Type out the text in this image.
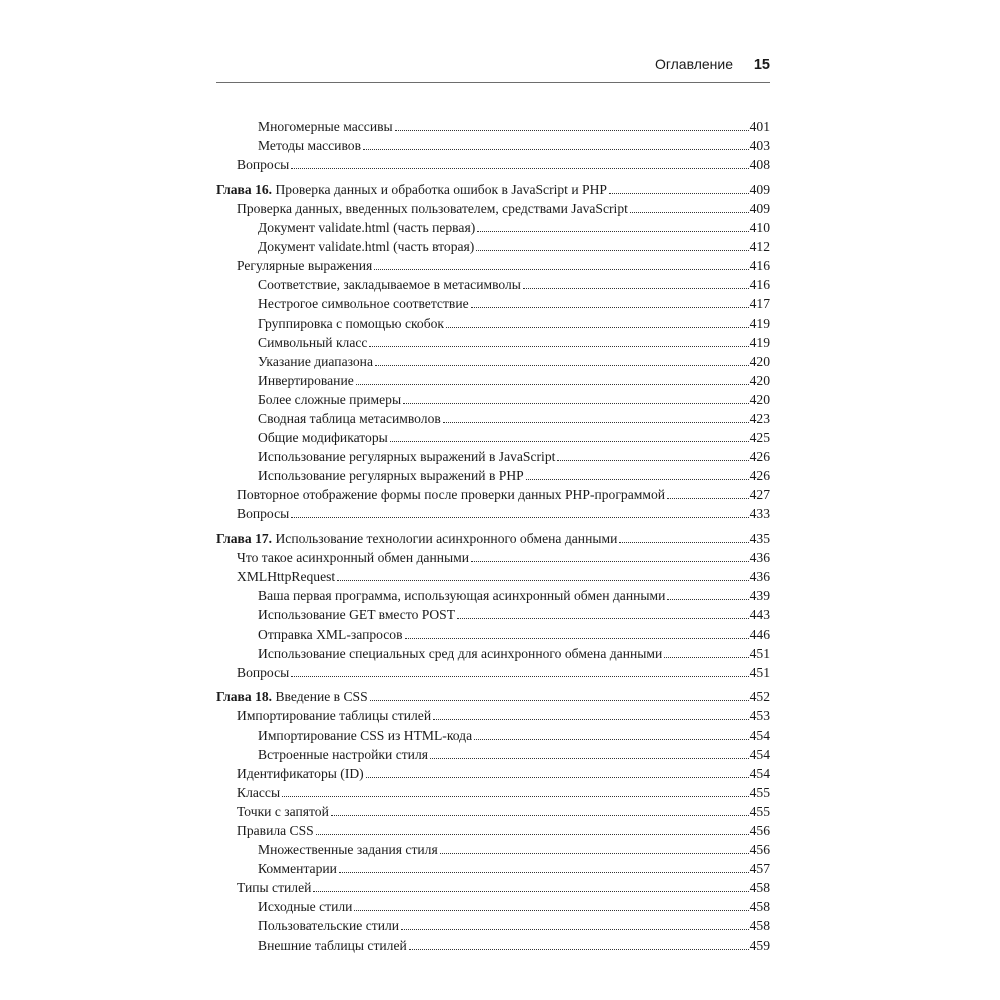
Оглавление 15
Многомерные массивы	401
Методы массивов	403
Вопросы	408
Глава 16. Проверка данных и обработка ошибок в JavaScript и PHP	409
Проверка данных, введенных пользователем, средствами JavaScript	409
Документ validate.html (часть первая)	410
Документ validate.html (часть вторая)	412
Регулярные выражения	416
Соответствие, закладываемое в метасимволы	416
Нестрогое символьное соответствие	417
Группировка с помощью скобок	419
Символьный класс	419
Указание диапазона	420
Инвертирование	420
Более сложные примеры	420
Сводная таблица метасимволов	423
Общие модификаторы	425
Использование регулярных выражений в JavaScript	426
Использование регулярных выражений в PHP	426
Повторное отображение формы после проверки данных PHP-программой	427
Вопросы	433
Глава 17. Использование технологии асинхронного обмена данными	435
Что такое асинхронный обмен данными	436
XMLHttpRequest	436
Ваша первая программа, использующая асинхронный обмен данными	439
Использование GET вместо POST	443
Отправка XML-запросов	446
Использование специальных сред для асинхронного обмена данными	451
Вопросы	451
Глава 18. Введение в CSS	452
Импортирование таблицы стилей	453
Импортирование CSS из HTML-кода	454
Встроенные настройки стиля	454
Идентификаторы (ID)	454
Классы	455
Точки с запятой	455
Правила CSS	456
Множественные задания стиля	456
Комментарии	457
Типы стилей	458
Исходные стили	458
Пользовательские стили	458
Внешние таблицы стилей	459
